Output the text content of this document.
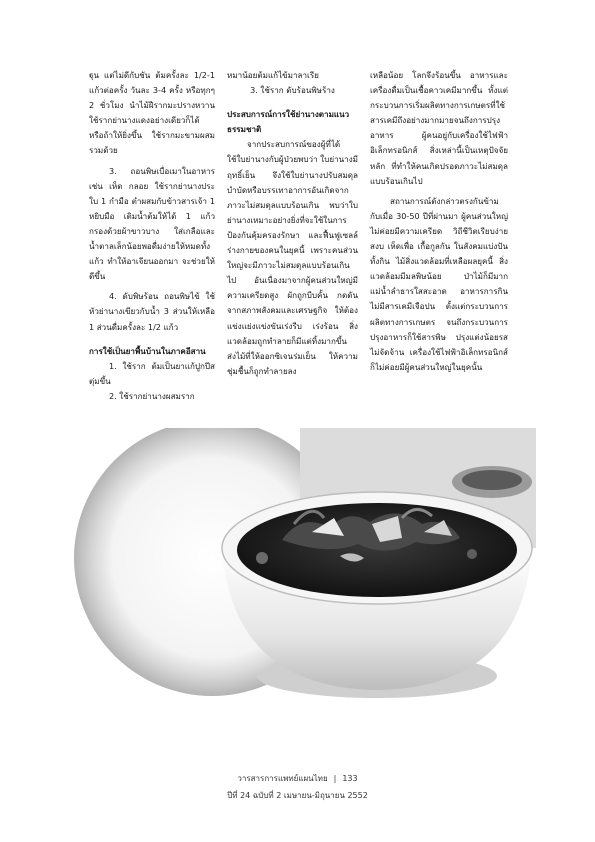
ฐุน แต่ไม่ดีกับชัน ต้มครั้งละ 1/2-1 แก้วต่อครั้ง วันละ 3-4 ครั้ง หรือทุกๆ 2 ชั่วโมง นำไม้ฝีรากมะปรางหวาน ใช้รากย่านางแดงอย่างเดียวก็ได้ หรือถ้าให้ยิ่งขึ้น ใช้รากมะขามผสมรวมด้วย

3. ถอนพิษเบื่อเมาในอาหาร เช่น เห็ด กลอย ใช้รากย่านางประ ใบ 1 กำมือ ตำผสมกับข้าวสารเจ้า 1 หยิบมือ เติมน้ำต้มให้ได้ 1 แก้ว กรองด้วยผ้าขาวบาง ใส่เกลือและน้ำตาลเล็กน้อยพอดื่มง่ายให้หมดทั้งแก้ว ทำให้อาเจียนออกมา จะช่วยให้ดีขึ้น

4. ดับพิษร้อน ถอนพิษไข้ ใช้หัวย่านางเขียวกับน้ำ 3 ส่วนให้เหลือ 1 ส่วนดื่มครั้งละ 1/2 แก้ว

การใช้เป็นยาพื้นบ้านในภาคอีสาน

1. ใช้ราก ต้มเป็นยาแก้ปูกปีส ตุ่มขึ้น

2. ใช้รากย่านางผสมราก

หมาน้อยต้มแก้ไข้มาลาเรีย

3. ใช้ราก ดับร้อนพิษร้าง

ประสบการณ์การใช้ย่านางตามแนวธรรมชาติ

จากประสบการณ์ของผู้ที่ได้ใช้ใบย่านางกับผู้ป่วยพบว่า ใบย่านางมีฤทธิ์เย็น จึงใช้ใบย่านางปรับสมดุลบำบัดหรือบรรเทาอาการอันเกิดจากภาวะไม่สมดุลแบบร้อนเกิน พบว่าใบย่านางเหมาะอย่างยิ่งที่จะใช้ในการป้องกันคุ้มครองรักษา และฟื้นฟูเซลล์ร่างกายของคนในยุคนี้ เพราะคนส่วนใหญ่จะมีภาวะไม่สมดุลแบบร้อนเกินไป อันเนื่องมาจากผู้คนส่วนใหญ่มีความเครียดสูง ผักถูกบีบคั้น กดดันจากสภาพสังคมและเศรษฐกิจ ให้ต้องแข่งแย่งแข่งขันเร่งรีบ เร่งร้อน สิ่งแวดล้อมถูกทำลายก็มีแต่ทิ้งมากขึ้น ส่งไม้ที่ให้ออกซิเจนร่มเย็น ให้ความชุ่มชื้นก็ถูกทำลายลง

เหลือน้อย โลกจึงร้อนขึ้น อาหารและเครื่องดื่มเป็นเชื้อคาวเคมีมากขึ้น ทั้งแต่กระบวนการเริ่มผลิตทางการเกษตรที่ใช้สารเคมีถึงอย่างมากมายจนถึงการปรุงอาหาร ผู้คนอยู่กับเครื่องใช้ไฟฟ้าอิเล็กทรอนิกส์ สิ่งเหล่านี้เป็นเหตุปัจจัยหลัก ที่ทำให้คนเกิดปรอดภาวะไม่สมดุลแบบร้อนเกินไป

สถานการณ์ดังกล่าวตรงกันข้ามกับเมื่อ 30-50 ปีที่ผ่านมา ผู้คนส่วนใหญ่ไม่ค่อยมีความเครียด วิถีชีวิตเรียบง่าย สงบ เห็ดเพื่อ เกื้อกูลกัน ในสังคมแบ่งปันทั้งกิน ไม้สิ่งแวดล้อมที่เหลือผลยุคนี้ สิ่งแวดล้อมมีมลพิษน้อย ป่าไม้ก็มีมาก แม่น้ำลำธารใสสะอาด อาหารการกินไม่มีสารเคมีเจือปน ตั้งแต่กระบวนการผลิตทางการเกษตร จนถึงกระบวนการปรุงอาหารก็ใช้สารพิษ ปรุงแต่งน้อยรสไม่จัดจ้าน เครื่องใช้ไฟฟ้าอิเล็กทรอนิกส์ก็ไม่ค่อยมีผู้คนส่วนใหญ่ในยุคนั้น

วารสารการแพทย์แผนไทย | 133
ปีที่ 24 ฉบับที่ 2 เมษายน-มิถุนายน 2552
